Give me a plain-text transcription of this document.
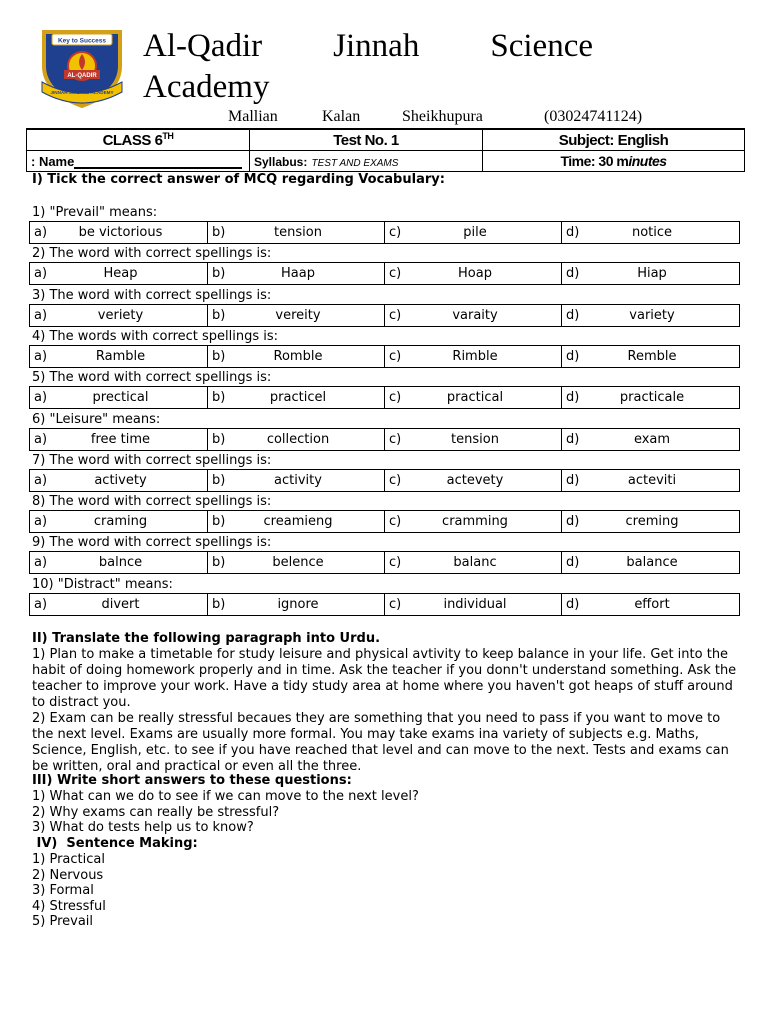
Key to Success
AL-QADIR
JINNAH SCIENCE ACADEMY
Al-Qadir Jinnah Science
Academy
Mallian	Kalan	Sheikhupura	(03024741124)
CLASS 6TH	Test No. 1	Subject: English
: Name	Syllabus: TEST AND EXAMS	Time: 30 minutes
I) Tick the correct answer of MCQ regarding Vocabulary:
1) "Prevail" means:
a)	be victorious	b)	tension	c)	pile	d)	notice
2) The word with correct spellings is:
a)	Heap	b)	Haap	c)	Hoap	d)	Hiap
3) The word with correct spellings is:
a)	veriety	b)	vereity	c)	varaity	d)	variety
4) The words with correct spellings is:
a)	Ramble	b)	Romble	c)	Rimble	d)	Remble
5) The word with correct spellings is:
a)	prectical	b)	practicel	c)	practical	d)	practicale
6) "Leisure" means:
a)	free time	b)	collection	c)	tension	d)	exam
7) The word with correct spellings is:
a)	activety	b)	activity	c)	actevety	d)	acteviti
8) The word with correct spellings is:
a)	craming	b)	creamieng	c)	cramming	d)	creming
9) The word with correct spellings is:
a)	balnce	b)	belence	c)	balanc	d)	balance
10) "Distract" means:
a)	divert	b)	ignore	c)	individual	d)	effort
II) Translate the following paragraph into Urdu.
1) Plan to make a timetable for study leisure and physical avtivity to keep balance in your life. Get into the habit of doing homework properly and in time. Ask the teacher if you donn't understand something. Ask the teacher to improve your work. Have a tidy study area at home where you haven't got heaps of stuff around to distract you.
2) Exam can be really stressful becaues they are something that you need to pass if you want to move to the next level. Exams are usually more formal. You may take exams ina variety of subjects e.g. Maths, Science, English, etc. to see if you have reached that level and can move to the next. Tests and exams can be written, oral and practical or even all the three.
III) Write short answers to these questions:
1) What can we do to see if we can move to the next level?
2) Why exams can really be stressful?
3) What do tests help us to know?
IV)  Sentence Making:
1) Practical
2) Nervous
3) Formal
4) Stressful
5) Prevail
